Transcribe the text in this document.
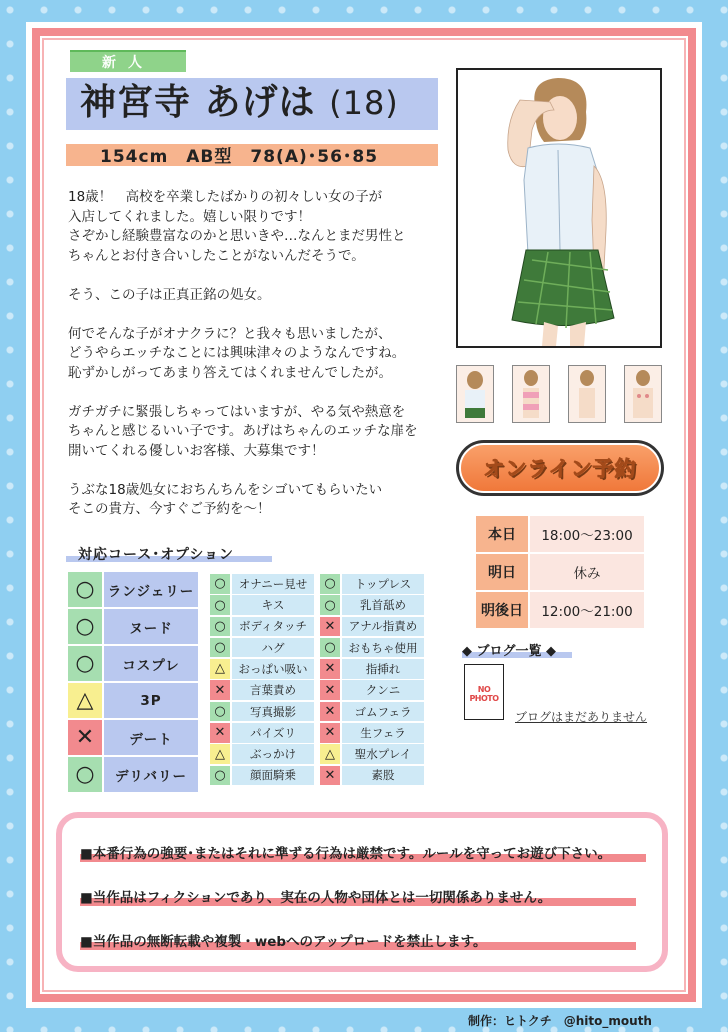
新人
神宮寺 あげは (18)
154cm　AB型　78(A)･56･85

18歳！　高校を卒業したばかりの初々しい女の子が
入店してくれました。嬉しい限りです！
さぞかし経験豊富なのかと思いきや…なんとまだ男性と
ちゃんとお付き合いしたことがないんだそうで。

そう、この子は正真正銘の処女。

何でそんな子がオナクラに？と我々も思いましたが、
どうやらエッチなことには興味津々のようなんですね。
恥ずかしがってあまり答えてはくれませんでしたが。

ガチガチに緊張しちゃってはいますが、やる気や熱意を
ちゃんと感じるいい子です。あげはちゃんのエッチな扉を
開いてくれる優しいお客様、大募集です！

うぶな18歳処女におちんちんをシゴいてもらいたい
そこの貴方、今すぐご予約を〜！

オンライン予約
本日	18:00〜23:00
明日	休み
明後日	12:00〜21:00
◆ ブログ一覧 ◆
NO PHOTO
ブログはまだありません
対応コース･オプション
○ ランジェリー
○	ヌード
○	コスプレ
△	3P
✕	デート
○	デリバリー
○	オナニー見せ
○	キス
○	ボディタッチ
○	ハグ
△	おっぱい吸い
✕	言葉責め
○	写真撮影
✕	パイズリ
△	ぶっかけ
○	顔面騎乗
○	トップレス
○	乳首舐め
✕	アナル指責め
○	おもちゃ使用
✕	指挿れ
✕	クンニ
✕	ゴムフェラ
✕	生フェラ
△	聖水プレイ
✕	素股
■本番行為の強要･またはそれに準ずる行為は厳禁です。ルールを守ってお遊び下さい。
■当作品はフィクションであり、実在の人物や団体とは一切関係ありません。
■当作品の無断転載や複製・webへのアップロードを禁止します。
制作：ヒトクチ　@hito_mouth
